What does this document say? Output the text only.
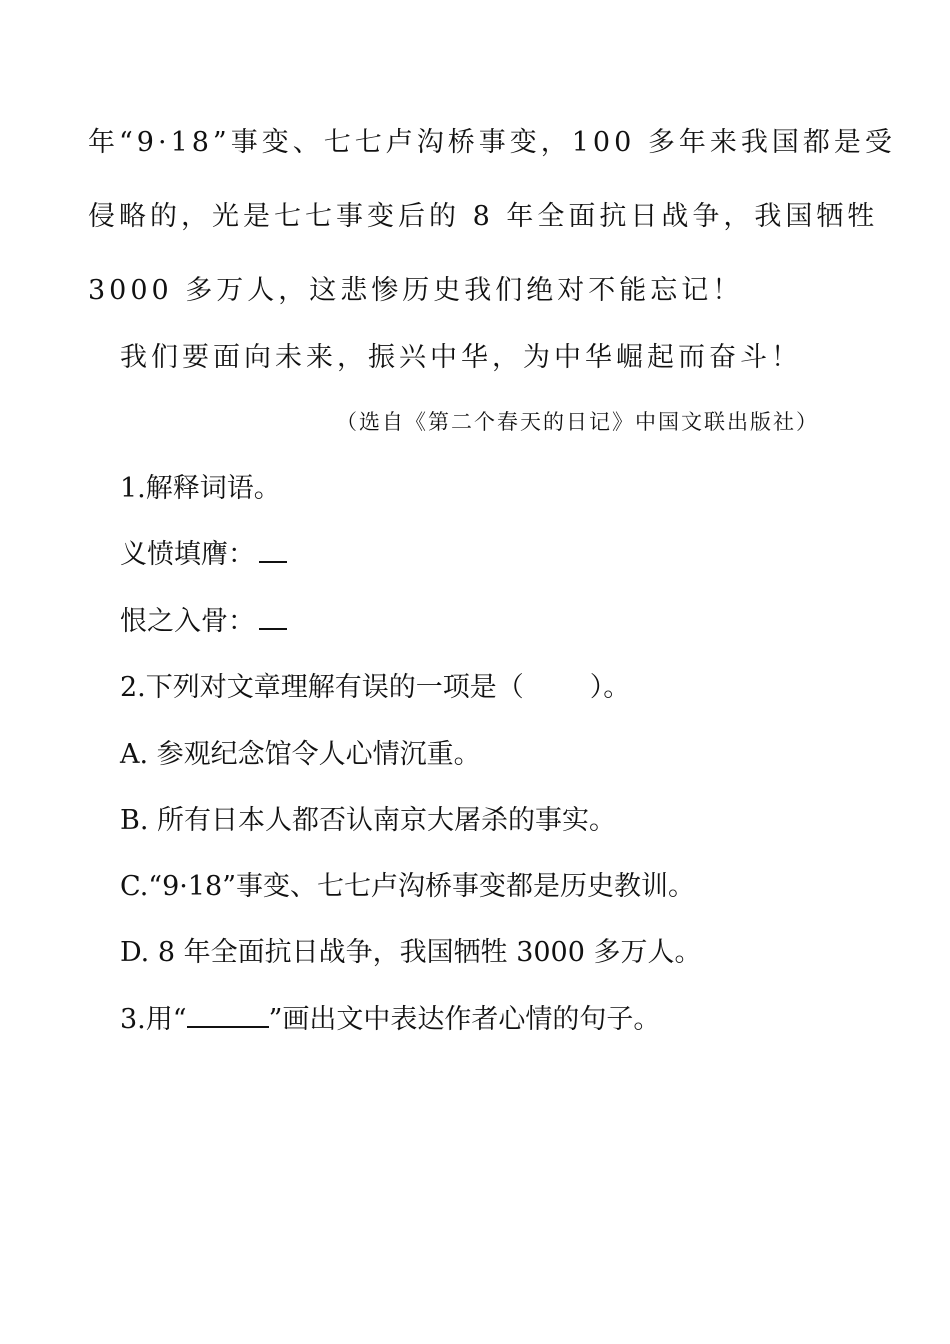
年“9·18”事变、七七卢沟桥事变，100 多年来我国都是受
侵略的，光是七七事变后的 8 年全面抗日战争，我国牺牲
3000 多万人，这悲惨历史我们绝对不能忘记！
我们要面向未来，振兴中华，为中华崛起而奋斗！
（选自《第二个春天的日记》中国文联出版社）
1.解释词语。
义愤填膺：
恨之入骨：
2.下列对文章理解有误的一项是（ ）。
A. 参观纪念馆令人心情沉重。
B. 所有日本人都否认南京大屠杀的事实。
C.“9·18”事变、七七卢沟桥事变都是历史教训。
D. 8 年全面抗日战争，我国牺牲 3000 多万人。
3.用“	”画出文中表达作者心情的句子。
